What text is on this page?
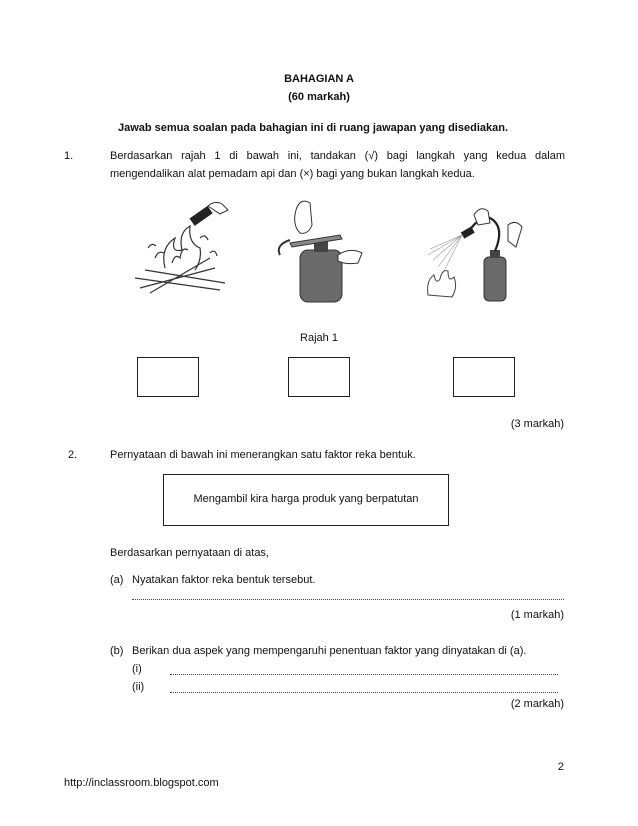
BAHAGIAN A
(60 markah)
Jawab semua soalan pada bahagian ini di ruang jawapan yang disediakan.
1.	Berdasarkan rajah 1 di bawah ini, tandakan (√) bagi langkah yang kedua dalam
mengendalikan alat pemadam api dan (×) bagi yang bukan langkah kedua.
Rajah 1
(3 markah)
2.	Pernyataan di bawah ini menerangkan satu faktor reka bentuk.
Mengambil kira harga produk yang berpatutan
Berdasarkan pernyataan di atas,
(a) Nyatakan faktor reka bentuk tersebut.
(1 markah)
(b) Berikan dua aspek yang mempengaruhi penentuan faktor yang dinyatakan di (a).
(i)
(ii)
(2 markah)
2
http://inclassroom.blogspot.com
